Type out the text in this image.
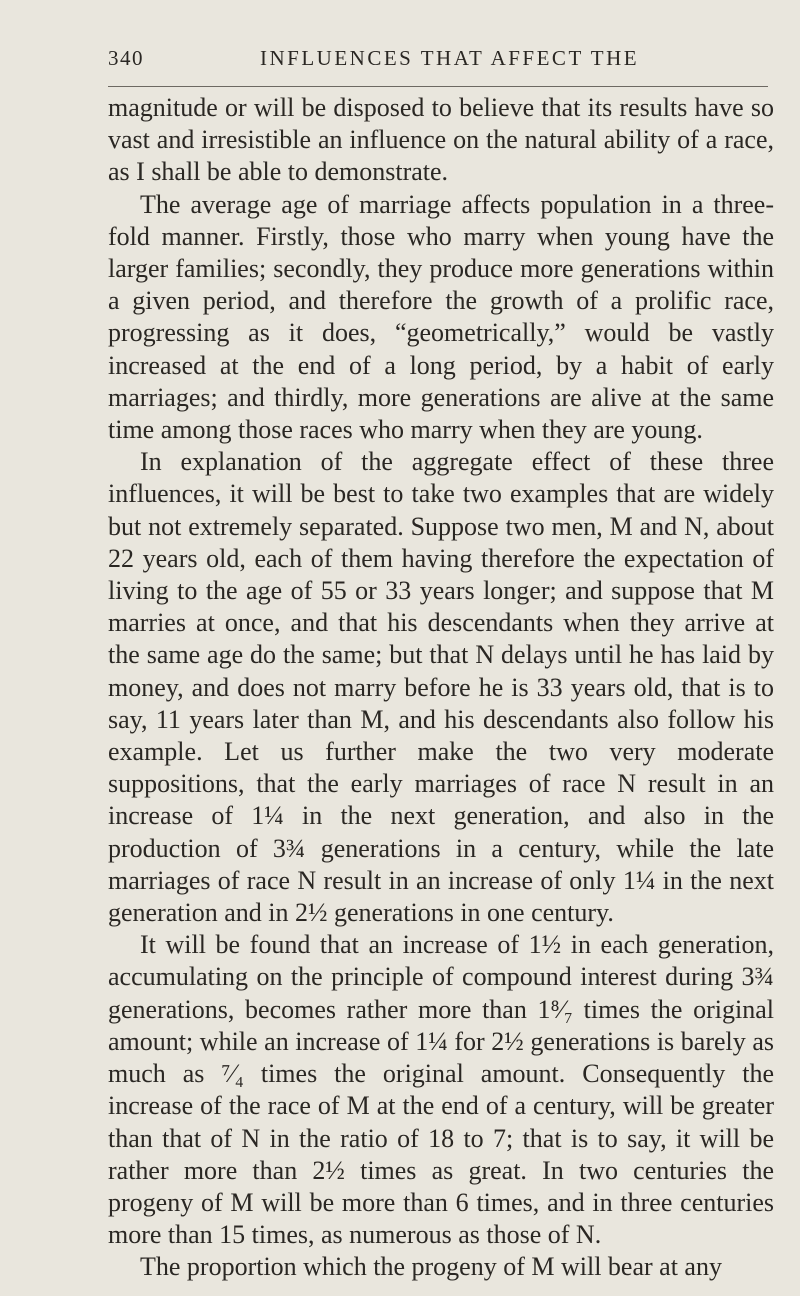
340	INFLUENCES THAT AFFECT THE

magnitude or will be disposed to believe that its results have so vast and irresistible an influence on the natural ability of a race, as I shall be able to demonstrate.

The average age of marriage affects population in a three-fold manner. Firstly, those who marry when young have the larger families; secondly, they produce more generations within a given period, and therefore the growth of a prolific race, progressing as it does, “geometrically,” would be vastly increased at the end of a long period, by a habit of early marriages; and thirdly, more generations are alive at the same time among those races who marry when they are young.

In explanation of the aggregate effect of these three influences, it will be best to take two examples that are widely but not extremely separated. Suppose two men, M and N, about 22 years old, each of them having therefore the expectation of living to the age of 55 or 33 years longer; and suppose that M marries at once, and that his descendants when they arrive at the same age do the same; but that N delays until he has laid by money, and does not marry before he is 33 years old, that is to say, 11 years later than M, and his descendants also follow his example. Let us further make the two very moderate suppositions, that the early marriages of race N result in an increase of 1¼ in the next generation, and also in the production of 3¾ generations in a century, while the late marriages of race N result in an increase of only 1¼ in the next generation and in 2½ generations in one century.

It will be found that an increase of 1½ in each generation, accumulating on the principle of compound interest during 3¾ generations, becomes rather more than 1⁸⁄₇ times the original amount; while an increase of 1¼ for 2½ generations is barely as much as ⁷⁄₄ times the original amount. Consequently the increase of the race of M at the end of a century, will be greater than that of N in the ratio of 18 to 7; that is to say, it will be rather more than 2½ times as great. In two centuries the progeny of M will be more than 6 times, and in three centuries more than 15 times, as numerous as those of N.

The proportion which the progeny of M will bear at any
